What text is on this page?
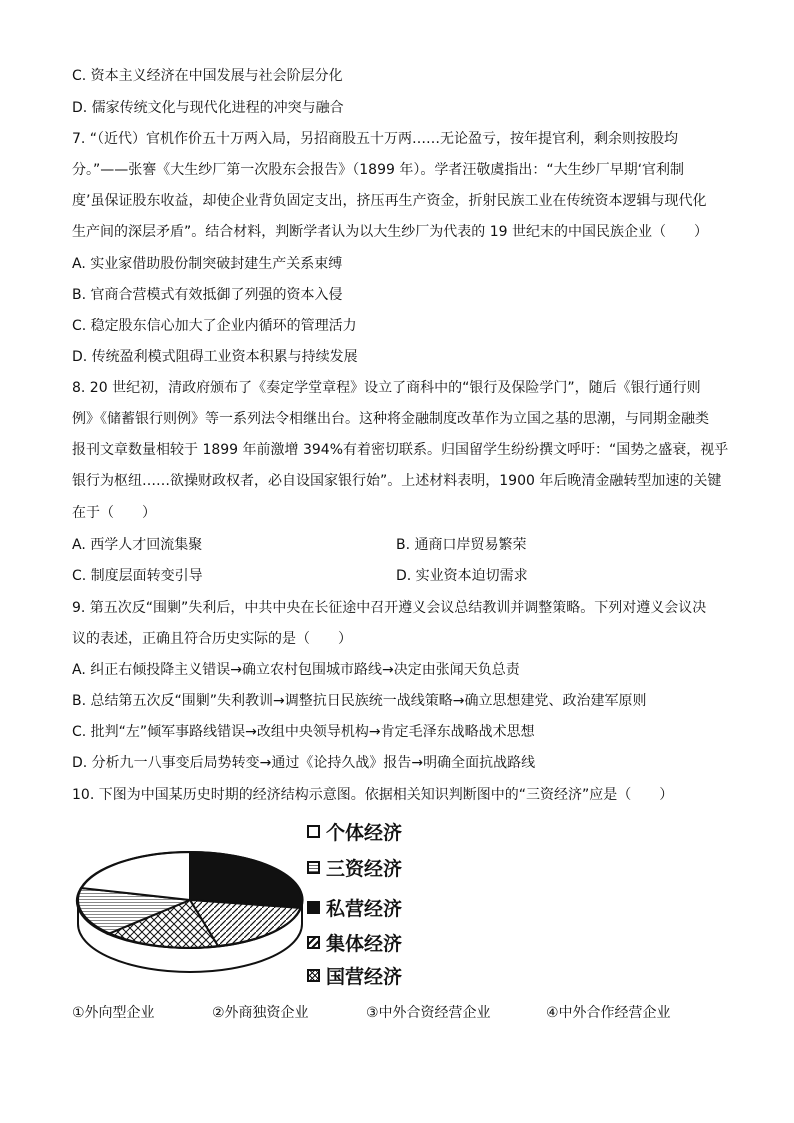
C. 资本主义经济在中国发展与社会阶层分化
D. 儒家传统文化与现代化进程的冲突与融合
7. “（近代）官机作价五十万两入局，另招商股五十万两……无论盈亏，按年提官利，剩余则按股均
分。”——张謇《大生纱厂第一次股东会报告》（1899 年）。学者汪敬虞指出：“大生纱厂早期‘官利制
度’虽保证股东收益，却使企业背负固定支出，挤压再生产资金，折射民族工业在传统资本逻辑与现代化
生产间的深层矛盾”。结合材料，判断学者认为以大生纱厂为代表的 19 世纪末的中国民族企业（　　）
A. 实业家借助股份制突破封建生产关系束缚
B. 官商合营模式有效抵御了列强的资本入侵
C. 稳定股东信心加大了企业内循环的管理活力
D. 传统盈利模式阻碍工业资本积累与持续发展
8. 20 世纪初，清政府颁布了《奏定学堂章程》设立了商科中的“银行及保险学门”，随后《银行通行则
例》《储蓄银行则例》等一系列法令相继出台。这种将金融制度改革作为立国之基的思潮，与同期金融类
报刊文章数量相较于 1899 年前激增 394%有着密切联系。归国留学生纷纷撰文呼吁：“国势之盛衰，视乎
银行为枢纽……欲操财政权者，必自设国家银行始”。上述材料表明，1900 年后晚清金融转型加速的关键
在于（　　）
A. 西学人才回流集聚	B. 通商口岸贸易繁荣
C. 制度层面转变引导	D. 实业资本迫切需求
9. 第五次反“围剿”失利后，中共中央在长征途中召开遵义会议总结教训并调整策略。下列对遵义会议决
议的表述，正确且符合历史实际的是（　　）
A. 纠正右倾投降主义错误→确立农村包围城市路线→决定由张闻天负总责
B. 总结第五次反“围剿”失利教训→调整抗日民族统一战线策略→确立思想建党、政治建军原则
C. 批判“左”倾军事路线错误→改组中央领导机构→肯定毛泽东战略战术思想
D. 分析九一八事变后局势转变→通过《论持久战》报告→明确全面抗战路线
10. 下图为中国某历史时期的经济结构示意图。依据相关知识判断图中的“三资经济”应是（　　）
个体经济
三资经济
私营经济
集体经济
国营经济
①外向型企业	②外商独资企业	③中外合资经营企业	④中外合作经营企业
